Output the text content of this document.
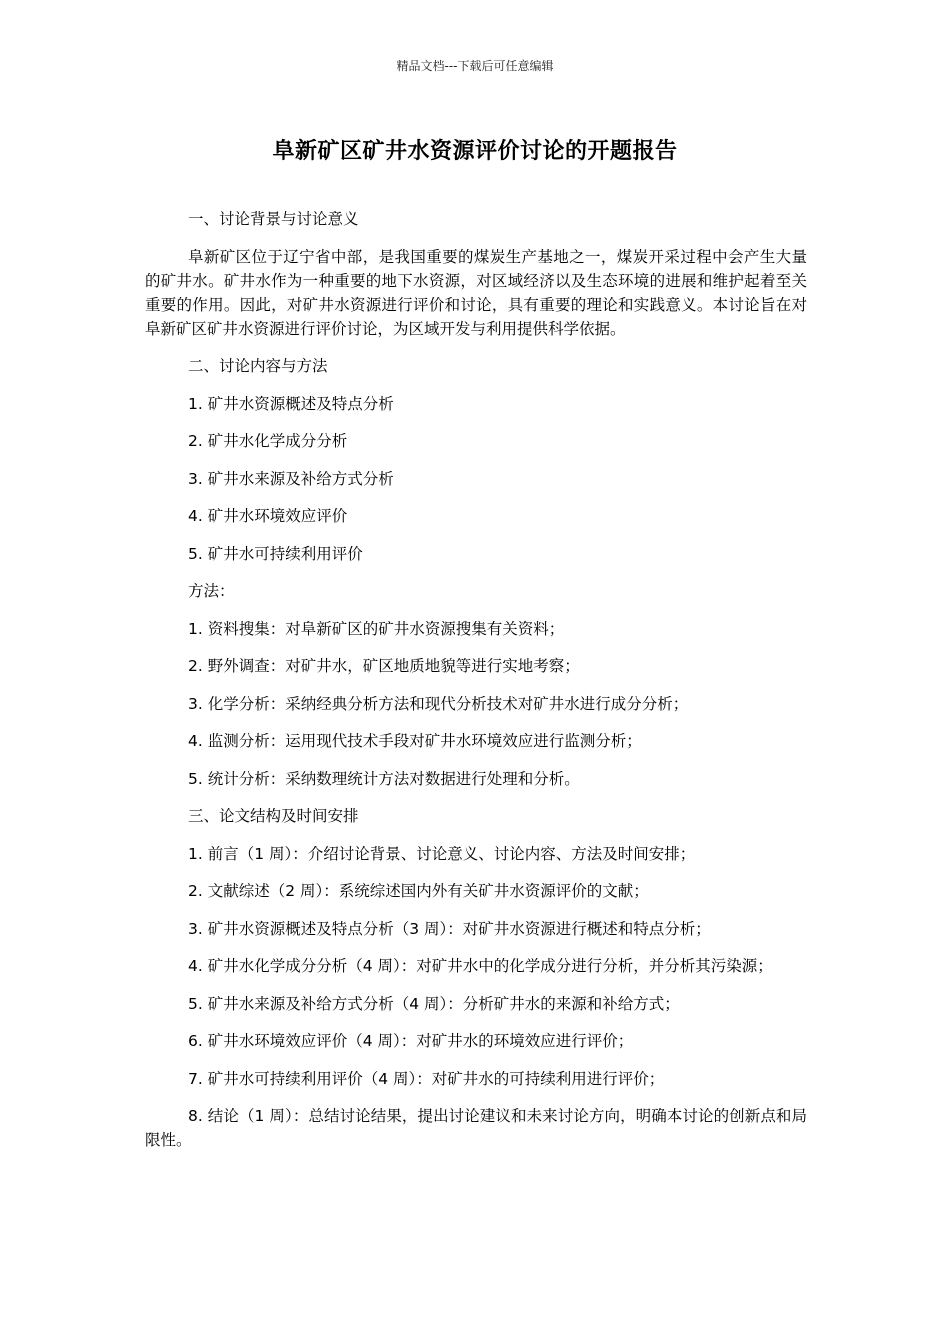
精品文档---下载后可任意编辑
阜新矿区矿井水资源评价讨论的开题报告

一、讨论背景与讨论意义

阜新矿区位于辽宁省中部，是我国重要的煤炭生产基地之一，煤炭开采过程中会产生大量的矿井水。矿井水作为一种重要的地下水资源，对区域经济以及生态环境的进展和维护起着至关重要的作用。因此，对矿井水资源进行评价和讨论，具有重要的理论和实践意义。本讨论旨在对阜新矿区矿井水资源进行评价讨论，为区域开发与利用提供科学依据。

二、讨论内容与方法

1. 矿井水资源概述及特点分析

2. 矿井水化学成分分析

3. 矿井水来源及补给方式分析

4. 矿井水环境效应评价

5. 矿井水可持续利用评价

方法：

1. 资料搜集：对阜新矿区的矿井水资源搜集有关资料；

2. 野外调查：对矿井水，矿区地质地貌等进行实地考察；

3. 化学分析：采纳经典分析方法和现代分析技术对矿井水进行成分分析；

4. 监测分析：运用现代技术手段对矿井水环境效应进行监测分析；

5. 统计分析：采纳数理统计方法对数据进行处理和分析。

三、论文结构及时间安排

1. 前言（1 周）：介绍讨论背景、讨论意义、讨论内容、方法及时间安排；

2. 文献综述（2 周）：系统综述国内外有关矿井水资源评价的文献；

3. 矿井水资源概述及特点分析（3 周）：对矿井水资源进行概述和特点分析；

4. 矿井水化学成分分析（4 周）：对矿井水中的化学成分进行分析，并分析其污染源；

5. 矿井水来源及补给方式分析（4 周）：分析矿井水的来源和补给方式；

6. 矿井水环境效应评价（4 周）：对矿井水的环境效应进行评价；

7. 矿井水可持续利用评价（4 周）：对矿井水的可持续利用进行评价；

8. 结论（1 周）：总结讨论结果，提出讨论建议和未来讨论方向，明确本讨论的创新点和局限性。
